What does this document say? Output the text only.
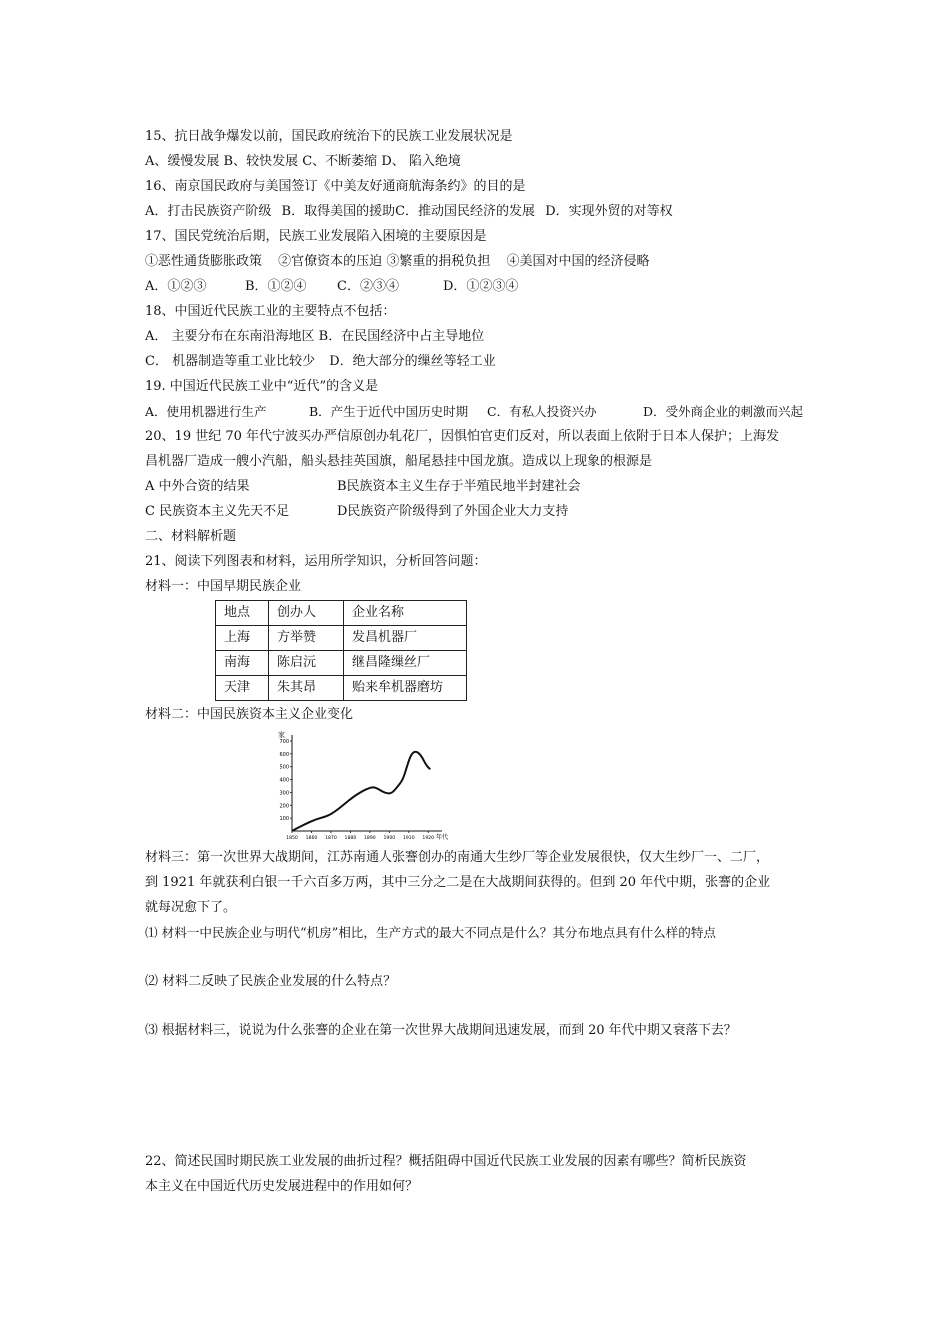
15、抗日战争爆发以前，国民政府统治下的民族工业发展状况是
A、缓慢发展 B、较快发展 C、不断萎缩 D、 陷入绝境
16、南京国民政府与美国签订《中美友好通商航海条约》的目的是
A．打击民族资产阶级 B．取得美国的援助C．推动国民经济的发展 D．实现外贸的对等权
17、国民党统治后期，民族工业发展陷入困境的主要原因是
①恶性通货膨胀政策 ②官僚资本的压迫 ③繁重的捐税负担 ④美国对中国的经济侵略
A．①②③	B．①②④ C．②③④	D．①②③④
18、中国近代民族工业的主要特点不包括：
A． 主要分布在东南沿海地区 B．在民国经济中占主导地位
C． 机器制造等重工业比较少 D．绝大部分的缫丝等轻工业
19. 中国近代民族工业中“近代”的含义是
A．使用机器进行生产	B．产生于近代中国历史时期 C．有私人投资兴办	D．受外商企业的刺激而兴起
20、19 世纪 70 年代宁波买办严信原创办轧花厂，因惧怕官吏们反对，所以表面上依附于日本人保护；上海发
昌机器厂造成一艘小汽船，船头悬挂英国旗，船尾悬挂中国龙旗。造成以上现象的根源是
A 中外合资的结果	B民族资本主义生存于半殖民地半封建社会
C 民族资本主义先天不足	D民族资产阶级得到了外国企业大力支持
二、材料解析题
21、阅读下列图表和材料，运用所学知识，分析回答问题：
材料一：中国早期民族企业
地点	创办人	企业名称
上海	方举赞	发昌机器厂
南海	陈启沅	继昌隆缫丝厂
天津	朱其昂	贻来牟机器磨坊
材料二：中国民族资本主义企业变化
100
200
300
400
500
600
700
1850 1860 1870 1880 1890 1900 1910 1920
家
年代
材料三：第一次世界大战期间，江苏南通人张謇创办的南通大生纱厂等企业发展很快，仅大生纱厂一、二厂，
到 1921 年就获利白银一千六百多万两，其中三分之二是在大战期间获得的。但到 20 年代中期，张謇的企业
就每况愈下了。
⑴ 材料一中民族企业与明代“机房”相比，生产方式的最大不同点是什么？其分布地点具有什么样的特点
⑵ 材料二反映了民族企业发展的什么特点？
⑶ 根据材料三，说说为什么张謇的企业在第一次世界大战期间迅速发展，而到 20 年代中期又衰落下去？
22、简述民国时期民族工业发展的曲折过程？概括阻碍中国近代民族工业发展的因素有哪些？简析民族资
本主义在中国近代历史发展进程中的作用如何？
